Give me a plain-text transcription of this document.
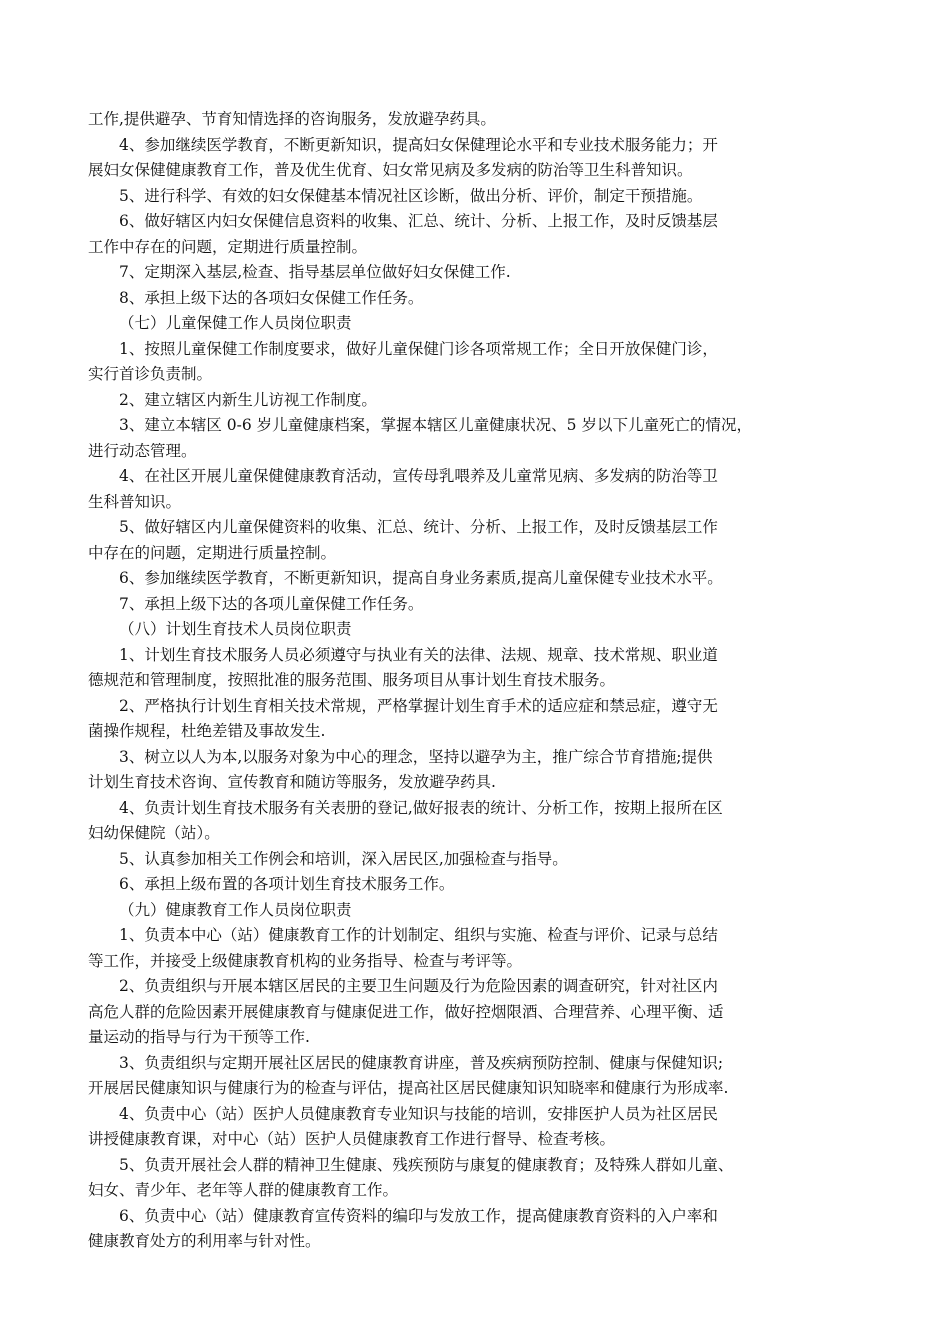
工作,提供避孕、节育知情选择的咨询服务，发放避孕药具。
4、参加继续医学教育，不断更新知识，提高妇女保健理论水平和专业技术服务能力；开
展妇女保健健康教育工作，普及优生优育、妇女常见病及多发病的防治等卫生科普知识。
5、进行科学、有效的妇女保健基本情况社区诊断，做出分析、评价，制定干预措施。
6、做好辖区内妇女保健信息资料的收集、汇总、统计、分析、上报工作，及时反馈基层
工作中存在的问题，定期进行质量控制。
7、定期深入基层,检查、指导基层单位做好妇女保健工作.
8、承担上级下达的各项妇女保健工作任务。
（七）儿童保健工作人员岗位职责
1、按照儿童保健工作制度要求，做好儿童保健门诊各项常规工作；全日开放保健门诊，
实行首诊负责制。
2、建立辖区内新生儿访视工作制度。
3、建立本辖区 0-6 岁儿童健康档案，掌握本辖区儿童健康状况、5 岁以下儿童死亡的情况，
进行动态管理。
4、在社区开展儿童保健健康教育活动，宣传母乳喂养及儿童常见病、多发病的防治等卫
生科普知识。
5、做好辖区内儿童保健资料的收集、汇总、统计、分析、上报工作，及时反馈基层工作
中存在的问题，定期进行质量控制。
6、参加继续医学教育，不断更新知识，提高自身业务素质,提高儿童保健专业技术水平。
7、承担上级下达的各项儿童保健工作任务。
（八）计划生育技术人员岗位职责
1、计划生育技术服务人员必须遵守与执业有关的法律、法规、规章、技术常规、职业道
德规范和管理制度，按照批准的服务范围、服务项目从事计划生育技术服务。
2、严格执行计划生育相关技术常规，严格掌握计划生育手术的适应症和禁忌症，遵守无
菌操作规程，杜绝差错及事故发生.
3、树立以人为本,以服务对象为中心的理念，坚持以避孕为主，推广综合节育措施;提供
计划生育技术咨询、宣传教育和随访等服务，发放避孕药具.
4、负责计划生育技术服务有关表册的登记,做好报表的统计、分析工作，按期上报所在区
妇幼保健院（站）。
5、认真参加相关工作例会和培训，深入居民区,加强检查与指导。
6、承担上级布置的各项计划生育技术服务工作。
（九）健康教育工作人员岗位职责
1、负责本中心（站）健康教育工作的计划制定、组织与实施、检查与评价、记录与总结
等工作，并接受上级健康教育机构的业务指导、检查与考评等。
2、负责组织与开展本辖区居民的主要卫生问题及行为危险因素的调查研究，针对社区内
高危人群的危险因素开展健康教育与健康促进工作，做好控烟限酒、合理营养、心理平衡、适
量运动的指导与行为干预等工作.
3、负责组织与定期开展社区居民的健康教育讲座，普及疾病预防控制、健康与保健知识;
开展居民健康知识与健康行为的检查与评估，提高社区居民健康知识知晓率和健康行为形成率.
4、负责中心（站）医护人员健康教育专业知识与技能的培训，安排医护人员为社区居民
讲授健康教育课，对中心（站）医护人员健康教育工作进行督导、检查考核。
5、负责开展社会人群的精神卫生健康、残疾预防与康复的健康教育；及特殊人群如儿童、
妇女、青少年、老年等人群的健康教育工作。
6、负责中心（站）健康教育宣传资料的编印与发放工作，提高健康教育资料的入户率和
健康教育处方的利用率与针对性。
